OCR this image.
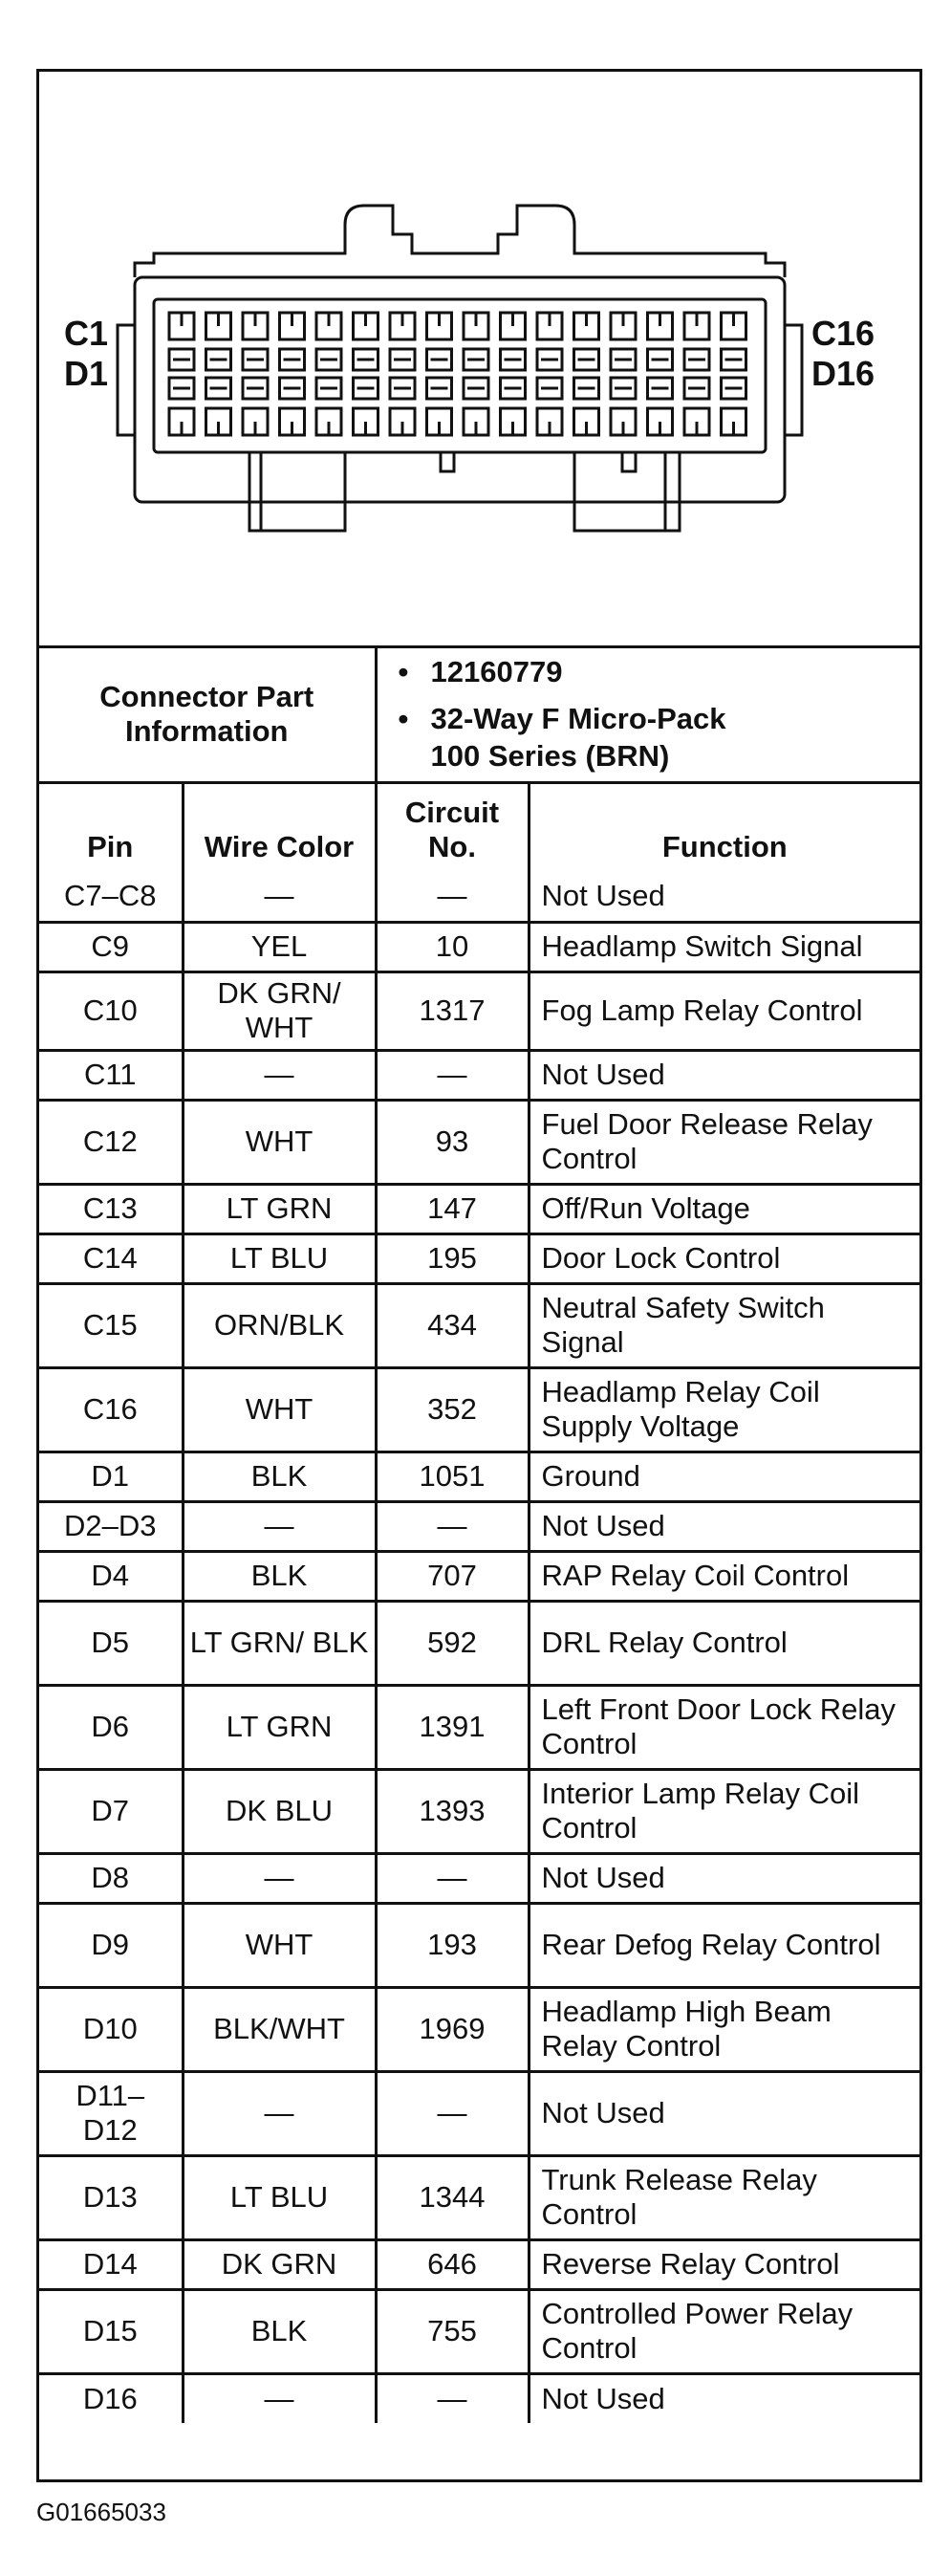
C1
D1
C16
D16
Connector Part Information		• 12160779
• 32-Way F Micro-Pack 100 Series (BRN)	

Pin	Wire Color	Circuit No.	Function
C7–C8	—	—	Not Used
C9	YEL	10	Headlamp Switch Signal
C10	DK GRN/ WHT	1317	Fog Lamp Relay Control
C11	—	—	Not Used
C12	WHT	93	Fuel Door Release Relay Control
C13	LT GRN	147	Off/Run Voltage
C14	LT BLU	195	Door Lock Control
C15	ORN/BLK	434	Neutral Safety Switch Signal
C16	WHT	352	Headlamp Relay Coil Supply Voltage
D1	BLK	1051	Ground
D2–D3	—	—	Not Used
D4	BLK	707	RAP Relay Coil Control
D5	LT GRN/ BLK	592	DRL Relay Control
D6	LT GRN	1391	Left Front Door Lock Relay Control
D7	DK BLU	1393	Interior Lamp Relay Coil Control
D8	—	—	Not Used
D9	WHT	193	Rear Defog Relay Control
D10	BLK/WHT	1969	Headlamp High Beam Relay Control
D11– D12	—	—	Not Used
D13	LT BLU	1344	Trunk Release Relay Control
D14	DK GRN	646	Reverse Relay Control
D15	BLK	755	Controlled Power Relay Control
D16	—	—	Not Used
G01665033
